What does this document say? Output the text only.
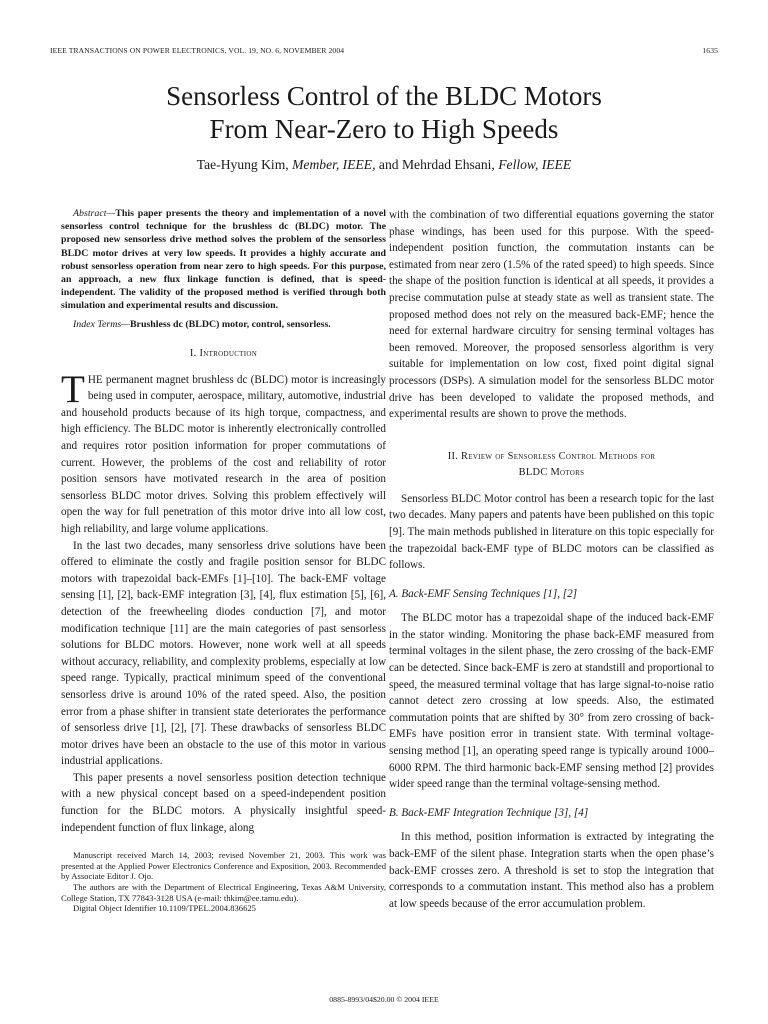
IEEE TRANSACTIONS ON POWER ELECTRONICS, VOL. 19, NO. 6, NOVEMBER 2004	1635
Sensorless Control of the BLDC Motors
From Near-Zero to High Speeds
Tae-Hyung Kim, Member, IEEE, and Mehrdad Ehsani, Fellow, IEEE

Abstract—This paper presents the theory and implementation of a novel sensorless control technique for the brushless dc (BLDC) motor. The proposed new sensorless drive method solves the problem of the sensorless BLDC motor drives at very low speeds. It provides a highly accurate and robust sensorless operation from near zero to high speeds. For this purpose, an approach, a new flux linkage function is defined, that is speed-independent. The validity of the proposed method is verified through both simulation and experimental results and discussion.

Index Terms—Brushless dc (BLDC) motor, control, sensorless.

I. Introduction

THE permanent magnet brushless dc (BLDC) motor is increasingly being used in computer, aerospace, military, automotive, industrial and household products because of its high torque, compactness, and high efficiency. The BLDC motor is inherently electronically controlled and requires rotor position information for proper commutations of current. However, the problems of the cost and reliability of rotor position sensors have motivated research in the area of position sensorless BLDC motor drives. Solving this problem effectively will open the way for full penetration of this motor drive into all low cost, high reliability, and large volume applications.

In the last two decades, many sensorless drive solutions have been offered to eliminate the costly and fragile position sensor for BLDC motors with trapezoidal back-EMFs [1]–[10]. The back-EMF voltage sensing [1], [2], back-EMF integration [3], [4], flux estimation [5], [6], detection of the freewheeling diodes conduction [7], and motor modification technique [11] are the main categories of past sensorless solutions for BLDC motors. However, none work well at all speeds without accuracy, reliability, and complexity problems, especially at low speed range. Typically, practical minimum speed of the conventional sensorless drive is around 10% of the rated speed. Also, the position error from a phase shifter in transient state deteriorates the performance of sensorless drive [1], [2], [7]. These drawbacks of sensorless BLDC motor drives have been an obstacle to the use of this motor in various industrial applications.

This paper presents a novel sensorless position detection technique with a new physical concept based on a speed-independent position function for the BLDC motors. A physically insightful speed-independent function of flux linkage, along

Manuscript received March 14, 2003; revised November 21, 2003. This work was presented at the Applied Power Electronics Conference and Exposition, 2003. Recommended by Associate Editor J. Ojo.

The authors are with the Department of Electrical Engineering, Texas A&M University, College Station, TX 77843-3128 USA (e-mail: thkim@ee.tamu.edu).

Digital Object Identifier 10.1109/TPEL.2004.836625

with the combination of two differential equations governing the stator phase windings, has been used for this purpose. With the speed-independent position function, the commutation instants can be estimated from near zero (1.5% of the rated speed) to high speeds. Since the shape of the position function is identical at all speeds, it provides a precise commutation pulse at steady state as well as transient state. The proposed method does not rely on the measured back-EMF; hence the need for external hardware circuitry for sensing terminal voltages has been removed. Moreover, the proposed sensorless algorithm is very suitable for implementation on low cost, fixed point digital signal processors (DSPs). A simulation model for the sensorless BLDC motor drive has been developed to validate the proposed methods, and experimental results are shown to prove the methods.

II. Review of Sensorless Control Methods for
BLDC Motors

Sensorless BLDC Motor control has been a research topic for the last two decades. Many papers and patents have been published on this topic [9]. The main methods published in literature on this topic especially for the trapezoidal back-EMF type of BLDC motors can be classified as follows.

A. Back-EMF Sensing Techniques [1], [2]

The BLDC motor has a trapezoidal shape of the induced back-EMF in the stator winding. Monitoring the phase back-EMF measured from terminal voltages in the silent phase, the zero crossing of the back-EMF can be detected. Since back-EMF is zero at standstill and proportional to speed, the measured terminal voltage that has large signal-to-noise ratio cannot detect zero crossing at low speeds. Also, the estimated commutation points that are shifted by 30° from zero crossing of back-EMFs have position error in transient state. With terminal voltage-sensing method [1], an operating speed range is typically around 1000–6000 RPM. The third harmonic back-EMF sensing method [2] provides wider speed range than the terminal voltage-sensing method.

B. Back-EMF Integration Technique [3], [4]

In this method, position information is extracted by integrating the back-EMF of the silent phase. Integration starts when the open phase’s back-EMF crosses zero. A threshold is set to stop the integration that corresponds to a commutation instant. This method also has a problem at low speeds because of the error accumulation problem.

0885-8993/04$20.00 © 2004 IEEE
